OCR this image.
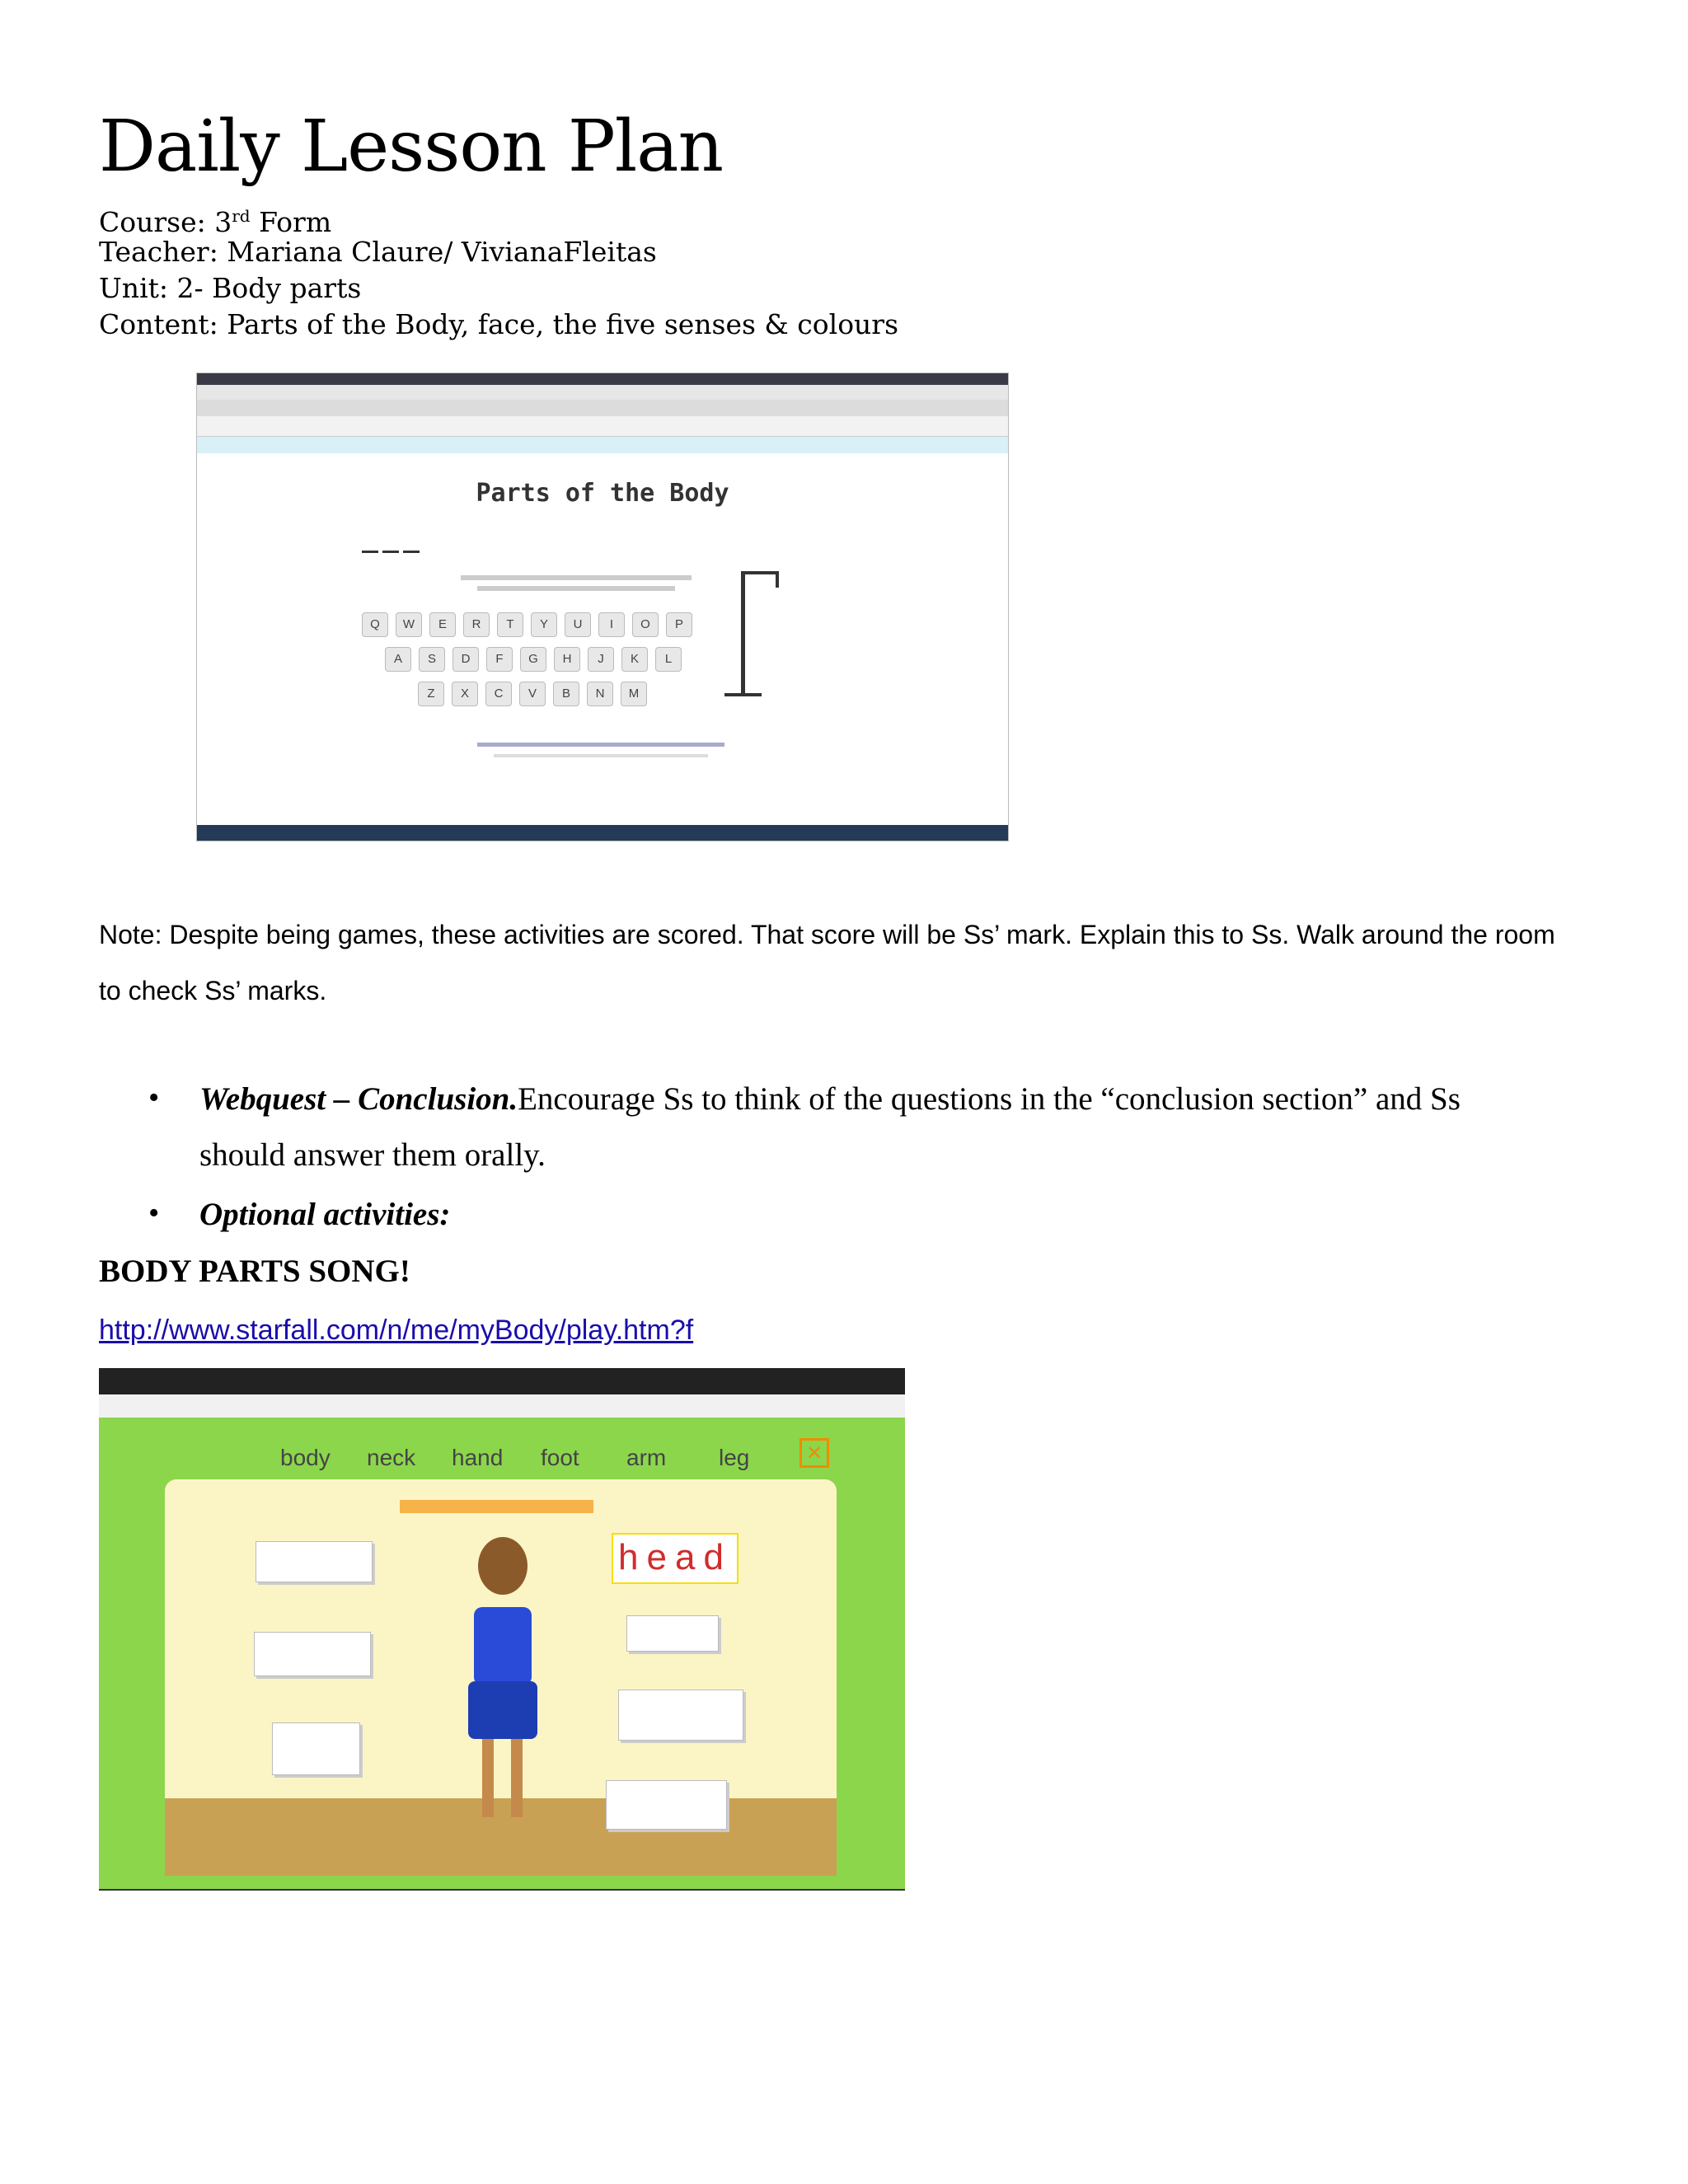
Daily Lesson Plan
Course: 3rd Form
Teacher: Mariana Claure/ VivianaFleitas
Unit: 2- Body parts
Content: Parts of the Body, face, the five senses & colours
Parts of the Body
Q	W	E	R	T	Y	U	I	O	P
A	S	D	F	G	H	J	K	L
Z	X	C	V	B	N	M
Note: Despite being games, these activities are scored. That score will be Ss’ mark. Explain this to Ss. Walk around the room to check Ss’ marks.
• Webquest – Conclusion.Encourage Ss to think of the questions in the “conclusion section” and Ss should answer them orally.
• Optional activities:
BODY PARTS SONG!
http://www.starfall.com/n/me/myBody/play.htm?f
body neck hand foot arm leg	✕
head
